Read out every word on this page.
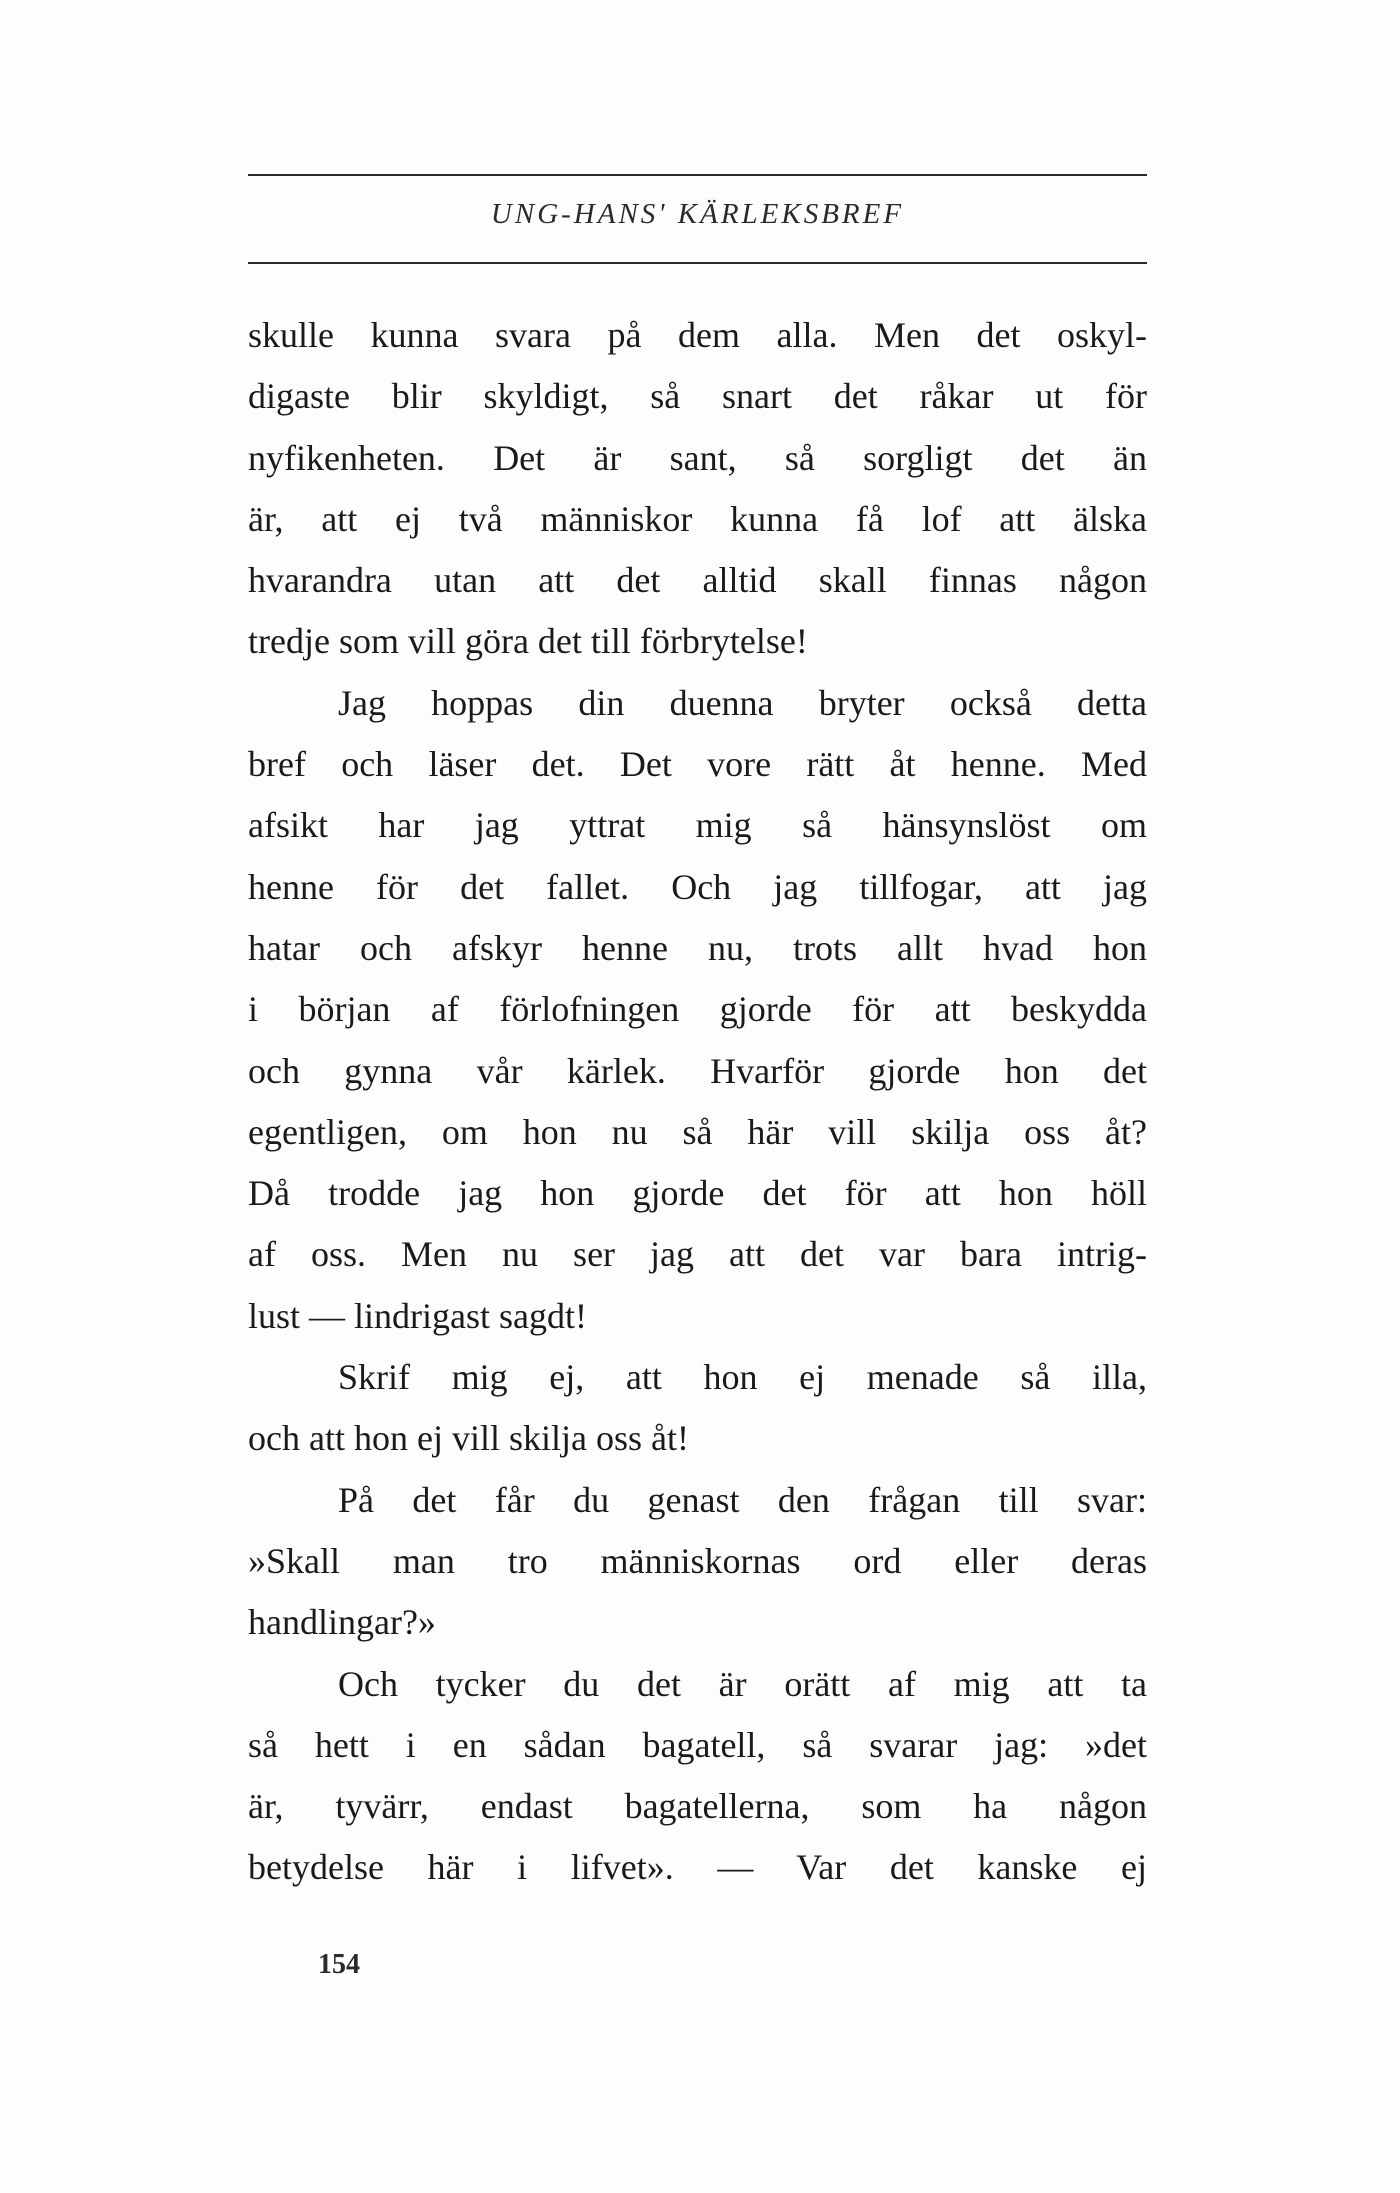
UNG-HANS' KÄRLEKSBREF
skulle kunna svara på dem alla. Men det oskyl-
digaste blir skyldigt, så snart det råkar ut för
nyfikenheten. Det är sant, så sorgligt det än
är, att ej två människor kunna få lof att älska
hvarandra utan att det alltid skall finnas någon
tredje som vill göra det till förbrytelse!
Jag hoppas din duenna bryter också detta
bref och läser det. Det vore rätt åt henne. Med
afsikt har jag yttrat mig så hänsynslöst om
henne för det fallet. Och jag tillfogar, att jag
hatar och afskyr henne nu, trots allt hvad hon
i början af förlofningen gjorde för att beskydda
och gynna vår kärlek. Hvarför gjorde hon det
egentligen, om hon nu så här vill skilja oss åt?
Då trodde jag hon gjorde det för att hon höll
af oss. Men nu ser jag att det var bara intrig-
lust — lindrigast sagdt!
Skrif mig ej, att hon ej menade så illa,
och att hon ej vill skilja oss åt!
På det får du genast den frågan till svar:
»Skall man tro människornas ord eller deras
handlingar?»
Och tycker du det är orätt af mig att ta
så hett i en sådan bagatell, så svarar jag: »det
är, tyvärr, endast bagatellerna, som ha någon
betydelse här i lifvet». — Var det kanske ej
154
